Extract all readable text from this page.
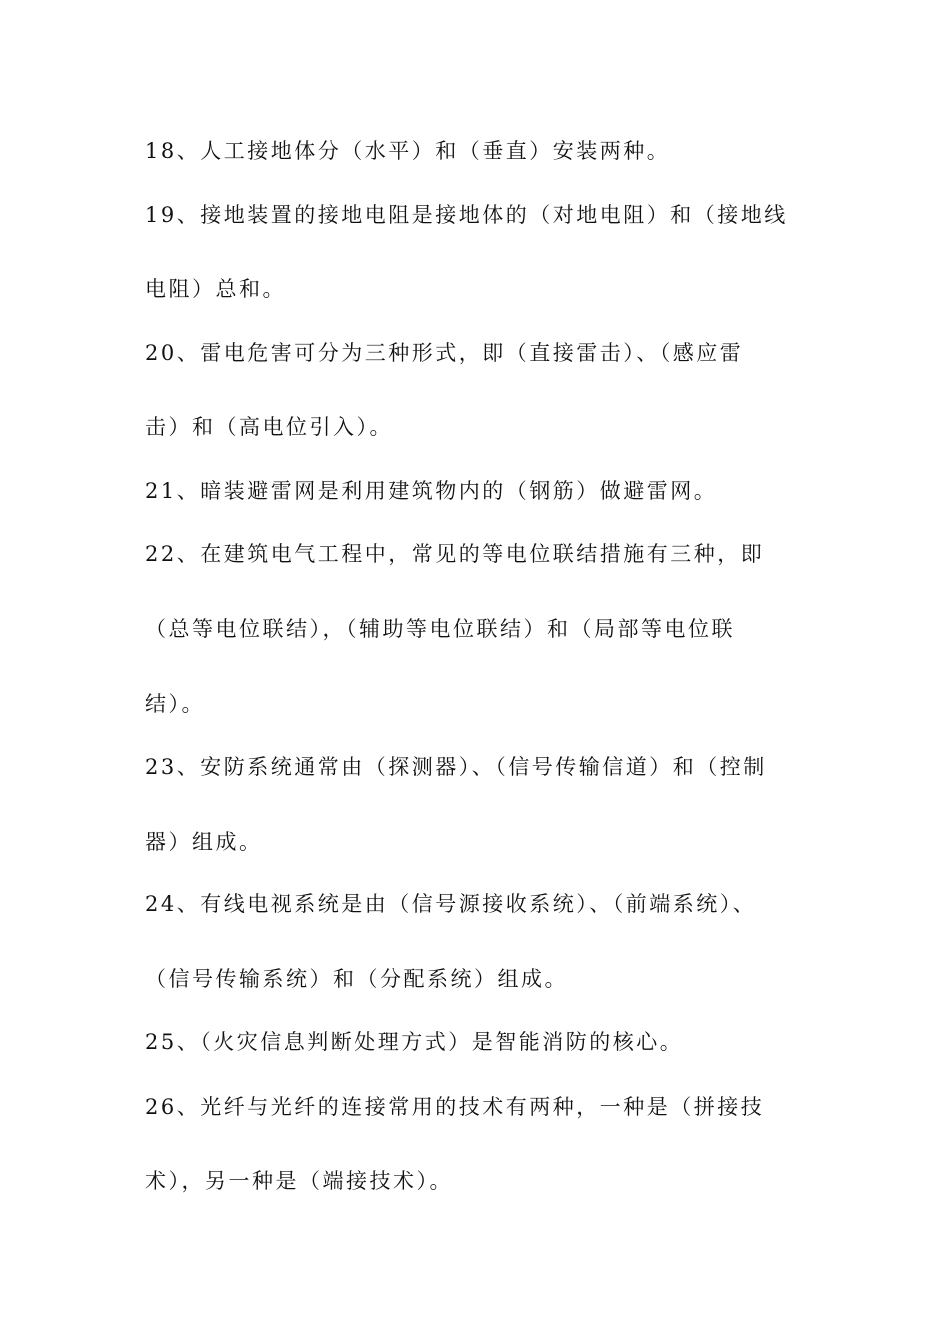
18、人工接地体分（水平）和（垂直）安装两种。
19、接地装置的接地电阻是接地体的（对地电阻）和（接地线
电阻）总和。
20、雷电危害可分为三种形式，即（直接雷击）、（感应雷
击）和（高电位引入）。
21、暗装避雷网是利用建筑物内的（钢筋）做避雷网。
22、在建筑电气工程中，常见的等电位联结措施有三种，即
（总等电位联结），（辅助等电位联结）和（局部等电位联
结）。
23、安防系统通常由（探测器）、（信号传输信道）和（控制
器）组成。
24、有线电视系统是由（信号源接收系统）、（前端系统）、
（信号传输系统）和（分配系统）组成。
25、（火灾信息判断处理方式）是智能消防的核心。
26、光纤与光纤的连接常用的技术有两种，一种是（拼接技
术），另一种是（端接技术）。
